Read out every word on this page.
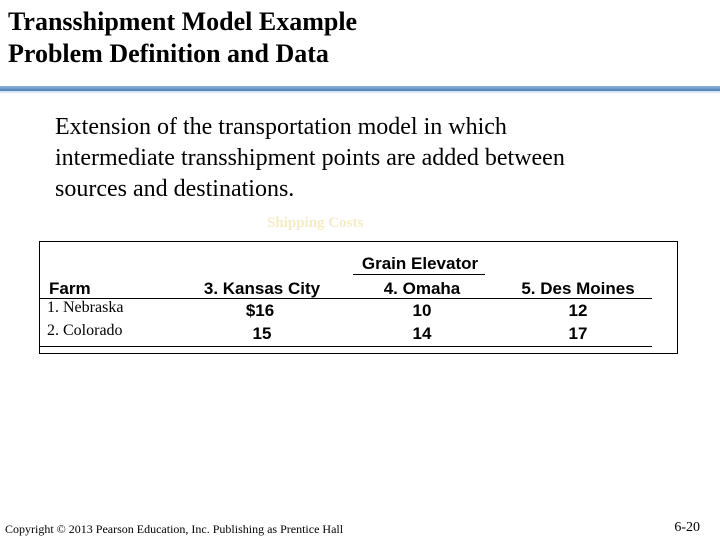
Transshipment Model Example
Problem Definition and Data
Extension of the transportation model in which
intermediate transshipment points are added between
sources and destinations.
Shipping Costs
Grain Elevator
Farm	3. Kansas City	4. Omaha	5. Des Moines
1. Nebraska	$16	10	12
2. Colorado	15	14	17
Copyright © 2013 Pearson Education, Inc. Publishing as Prentice Hall	6-20
